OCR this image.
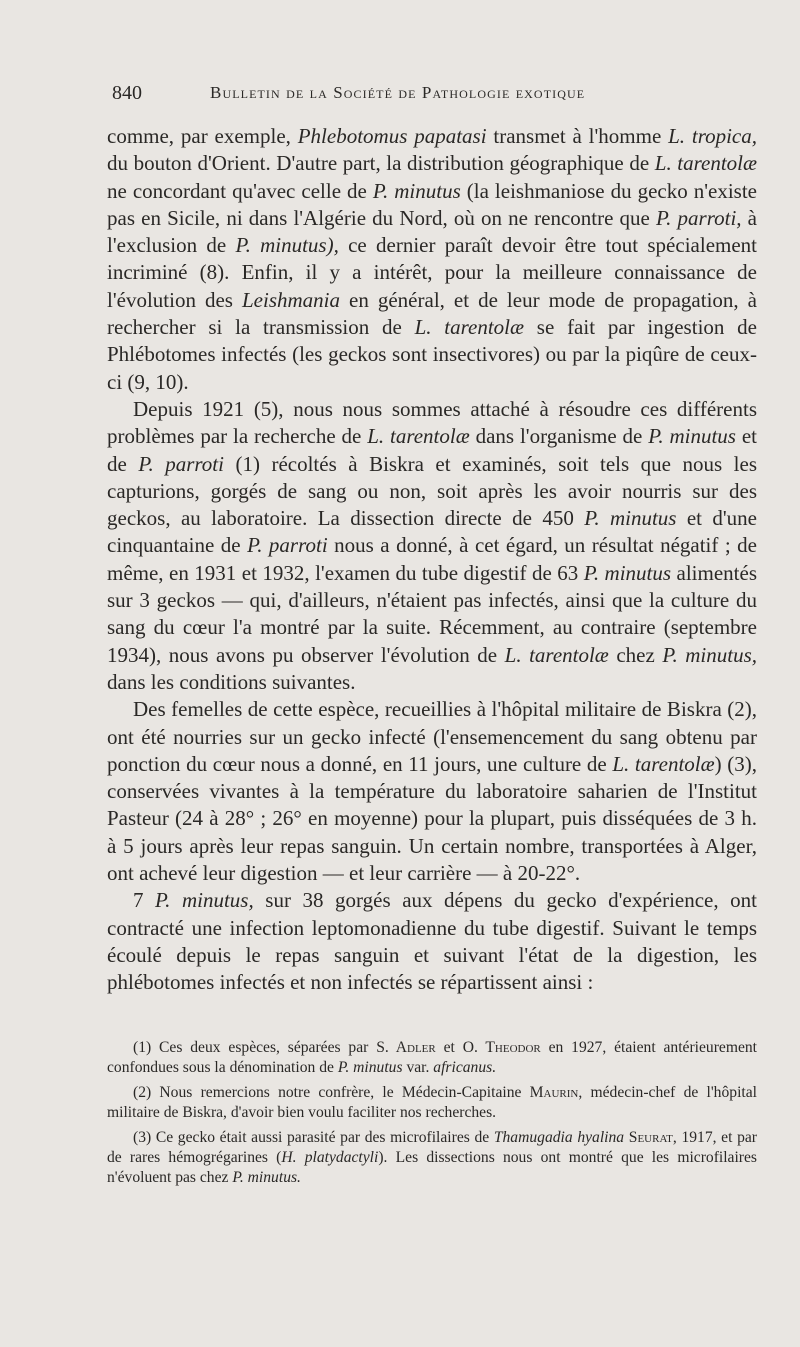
840	Bulletin de la Société de Pathologie exotique

comme, par exemple, Phlebotomus papatasi transmet à l'homme L. tropica, du bouton d'Orient. D'autre part, la distribution géographique de L. tarentolæ ne concordant qu'avec celle de P. minutus (la leishmaniose du gecko n'existe pas en Sicile, ni dans l'Algérie du Nord, où on ne rencontre que P. parroti, à l'exclusion de P. minutus), ce dernier paraît devoir être tout spécialement incriminé (8). Enfin, il y a intérêt, pour la meilleure connaissance de l'évolution des Leishmania en général, et de leur mode de propagation, à rechercher si la transmission de L. tarentolæ se fait par ingestion de Phlébotomes infectés (les geckos sont insectivores) ou par la piqûre de ceux-ci (9, 10).

Depuis 1921 (5), nous nous sommes attaché à résoudre ces différents problèmes par la recherche de L. tarentolæ dans l'organisme de P. minutus et de P. parroti (1) récoltés à Biskra et examinés, soit tels que nous les capturions, gorgés de sang ou non, soit après les avoir nourris sur des geckos, au laboratoire. La dissection directe de 450 P. minutus et d'une cinquantaine de P. parroti nous a donné, à cet égard, un résultat négatif ; de même, en 1931 et 1932, l'examen du tube digestif de 63 P. minutus alimentés sur 3 geckos — qui, d'ailleurs, n'étaient pas infectés, ainsi que la culture du sang du cœur l'a montré par la suite. Récemment, au contraire (septembre 1934), nous avons pu observer l'évolution de L. tarentolæ chez P. minutus, dans les conditions suivantes.

Des femelles de cette espèce, recueillies à l'hôpital militaire de Biskra (2), ont été nourries sur un gecko infecté (l'ensemencement du sang obtenu par ponction du cœur nous a donné, en 11 jours, une culture de L. tarentolæ) (3), conservées vivantes à la température du laboratoire saharien de l'Institut Pasteur (24 à 28° ; 26° en moyenne) pour la plupart, puis disséquées de 3 h. à 5 jours après leur repas sanguin. Un certain nombre, transportées à Alger, ont achevé leur digestion — et leur carrière — à 20-22°.

7 P. minutus, sur 38 gorgés aux dépens du gecko d'expérience, ont contracté une infection leptomonadienne du tube digestif. Suivant le temps écoulé depuis le repas sanguin et suivant l'état de la digestion, les phlébotomes infectés et non infectés se répartissent ainsi :

(1) Ces deux espèces, séparées par S. Adler et O. Theodor en 1927, étaient antérieurement confondues sous la dénomination de P. minutus var. africanus.

(2) Nous remercions notre confrère, le Médecin-Capitaine Maurin, médecin-chef de l'hôpital militaire de Biskra, d'avoir bien voulu faciliter nos recherches.

(3) Ce gecko était aussi parasité par des microfilaires de Thamugadia hyalina Seurat, 1917, et par de rares hémogrégarines (H. platydactyli). Les dissections nous ont montré que les microfilaires n'évoluent pas chez P. minutus.
